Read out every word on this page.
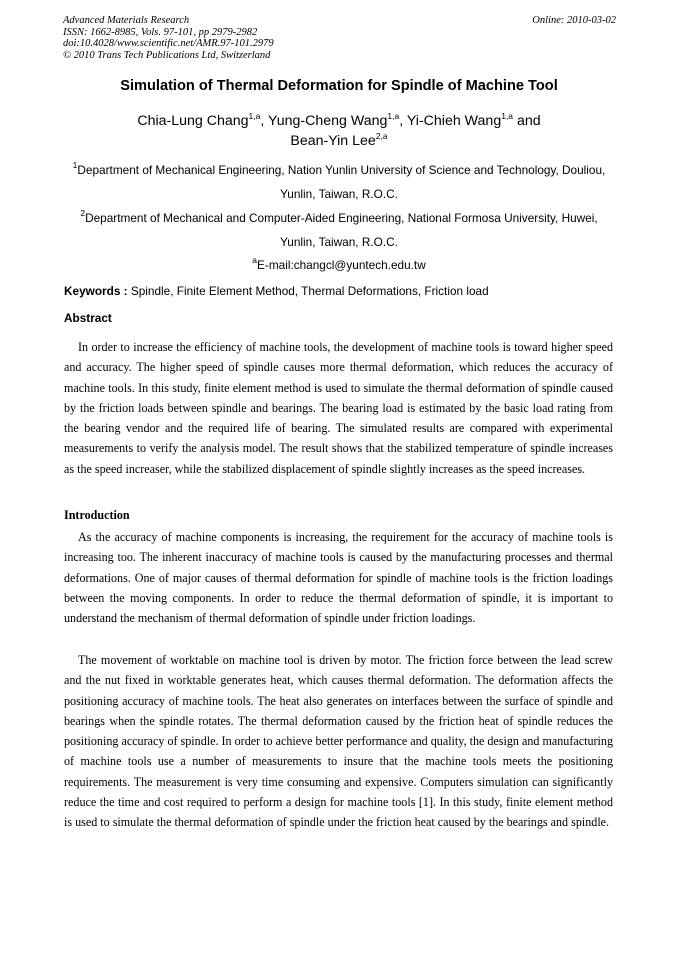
Advanced Materials Research
ISSN: 1662-8985, Vols. 97-101, pp 2979-2982
doi:10.4028/www.scientific.net/AMR.97-101.2979
© 2010 Trans Tech Publications Ltd, Switzerland
Online: 2010-03-02
Simulation of Thermal Deformation for Spindle of Machine Tool
Chia-Lung Chang$^{1,a}$, Yung-Cheng Wang$^{1,a}$, Yi-Chieh Wang$^{1,a}$ and
Bean-Yin Lee$^{2,a}$
$^1$Department of Mechanical Engineering, Nation Yunlin University of Science and Technology, Douliou, Yunlin, Taiwan, R.O.C.
$^2$Department of Mechanical and Computer-Aided Engineering, National Formosa University, Huwei, Yunlin, Taiwan, R.O.C.
$^a$E-mail:changcl@yuntech.edu.tw
Keywords : Spindle, Finite Element Method, Thermal Deformations, Friction load
Abstract

In order to increase the efficiency of machine tools, the development of machine tools is toward higher speed and accuracy. The higher speed of spindle causes more thermal deformation, which reduces the accuracy of machine tools. In this study, finite element method is used to simulate the thermal deformation of spindle caused by the friction loads between spindle and bearings. The bearing load is estimated by the basic load rating from the bearing vendor and the required life of bearing. The simulated results are compared with experimental measurements to verify the analysis model. The result shows that the stabilized temperature of spindle increases as the speed increaser, while the stabilized displacement of spindle slightly increases as the speed increases.

Introduction

As the accuracy of machine components is increasing, the requirement for the accuracy of machine tools is increasing too. The inherent inaccuracy of machine tools is caused by the manufacturing processes and thermal deformations. One of major causes of thermal deformation for spindle of machine tools is the friction loadings between the moving components. In order to reduce the thermal deformation of spindle, it is important to understand the mechanism of thermal deformation of spindle under friction loadings.

The movement of worktable on machine tool is driven by motor. The friction force between the lead screw and the nut fixed in worktable generates heat, which causes thermal deformation. The deformation affects the positioning accuracy of machine tools. The heat also generates on interfaces between the surface of spindle and bearings when the spindle rotates. The thermal deformation caused by the friction heat of spindle reduces the positioning accuracy of spindle. In order to achieve better performance and quality, the design and manufacturing of machine tools use a number of measurements to insure that the machine tools meets the positioning requirements. The measurement is very time consuming and expensive. Computers simulation can significantly reduce the time and cost required to perform a design for machine tools [1]. In this study, finite element method is used to simulate the thermal deformation of spindle under the friction heat caused by the bearings and spindle.
